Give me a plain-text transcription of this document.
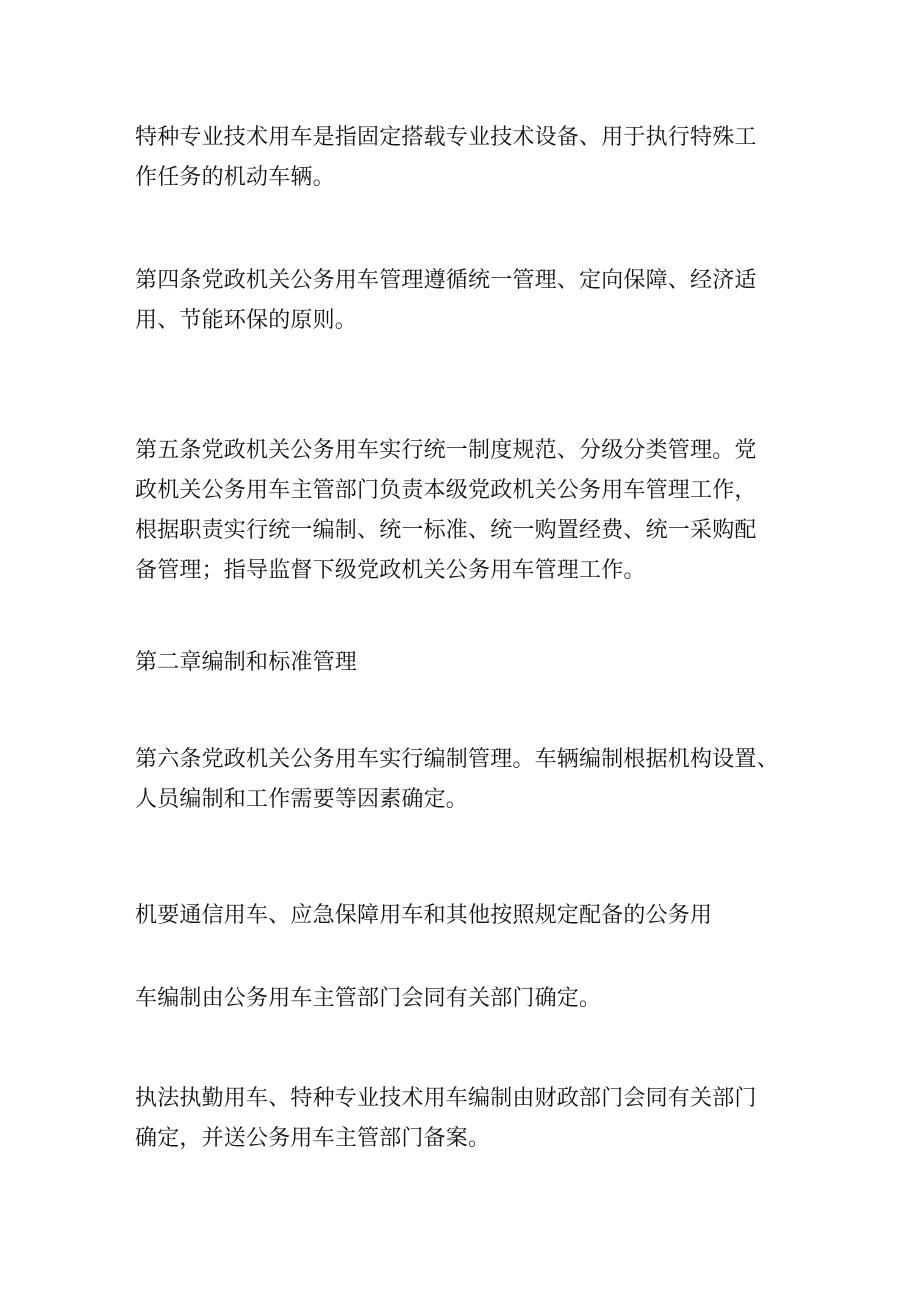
特种专业技术用车是指固定搭载专业技术设备、用于执行特殊工
作任务的机动车辆。

第四条党政机关公务用车管理遵循统一管理、定向保障、经济适
用、节能环保的原则。

第五条党政机关公务用车实行统一制度规范、分级分类管理。党
政机关公务用车主管部门负责本级党政机关公务用车管理工作，
根据职责实行统一编制、统一标准、统一购置经费、统一采购配
备管理；指导监督下级党政机关公务用车管理工作。

第二章编制和标准管理

第六条党政机关公务用车实行编制管理。车辆编制根据机构设置、
人员编制和工作需要等因素确定。

机要通信用车、应急保障用车和其他按照规定配备的公务用

车编制由公务用车主管部门会同有关部门确定。

执法执勤用车、特种专业技术用车编制由财政部门会同有关部门
确定，并送公务用车主管部门备案。
